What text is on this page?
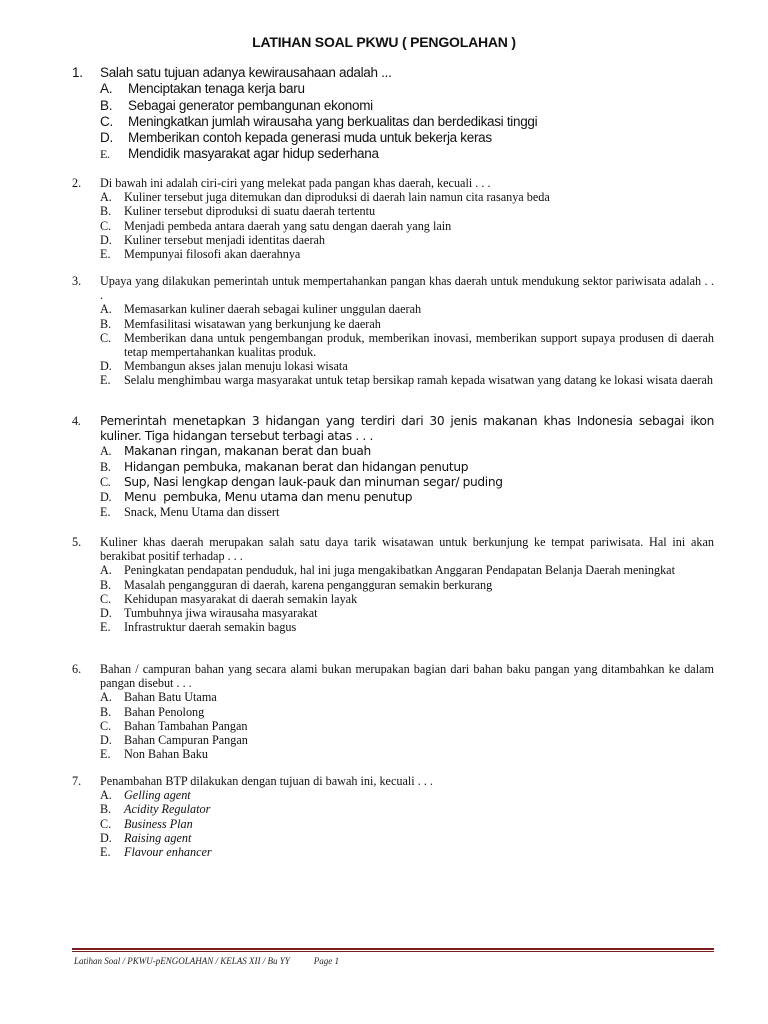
LATIHAN SOAL PKWU ( PENGOLAHAN )
1. Salah satu tujuan adanya kewirausahaan adalah ...
A. Menciptakan tenaga kerja baru
B. Sebagai generator pembangunan ekonomi
C. Meningkatkan jumlah wirausaha yang berkualitas dan berdedikasi tinggi
D. Memberikan contoh kepada generasi muda untuk bekerja keras
E. Mendidik masyarakat agar hidup sederhana
2. Di bawah ini adalah ciri-ciri yang melekat pada pangan khas daerah, kecuali . . .
A. Kuliner tersebut juga ditemukan dan diproduksi di daerah lain namun cita rasanya beda
B. Kuliner tersebut diproduksi di suatu daerah tertentu
C. Menjadi pembeda antara daerah yang satu dengan daerah yang lain
D. Kuliner tersebut menjadi identitas daerah
E. Mempunyai filosofi akan daerahnya
3. Upaya yang dilakukan pemerintah untuk mempertahankan pangan khas daerah untuk mendukung sektor pariwisata adalah . . .
A. Memasarkan kuliner daerah sebagai kuliner unggulan daerah
B. Memfasilitasi wisatawan yang berkunjung ke daerah
C. Memberikan dana untuk pengembangan produk, memberikan inovasi, memberikan support supaya produsen di daerah tetap mempertahankan kualitas produk.
D. Membangun akses jalan menuju lokasi wisata
E. Selalu menghimbau warga masyarakat untuk tetap bersikap ramah kepada wisatwan yang datang ke lokasi wisata daerah
4. Pemerintah menetapkan 3 hidangan yang terdiri dari 30 jenis makanan khas Indonesia sebagai ikon kuliner. Tiga hidangan tersebut terbagi atas . . .
A. Makanan ringan, makanan berat dan buah
B. Hidangan pembuka, makanan berat dan hidangan penutup
C. Sup, Nasi lengkap dengan lauk-pauk dan minuman segar/ puding
D. Menu  pembuka, Menu utama dan menu penutup
E. Snack, Menu Utama dan dissert
5. Kuliner khas daerah merupakan salah satu daya tarik wisatawan untuk berkunjung ke tempat pariwisata. Hal ini akan berakibat positif terhadap . . .
A. Peningkatan pendapatan penduduk, hal ini juga mengakibatkan Anggaran Pendapatan Belanja Daerah meningkat
B. Masalah pengangguran di daerah, karena pengangguran semakin berkurang
C. Kehidupan masyarakat di daerah semakin layak
D. Tumbuhnya jiwa wirausaha masyarakat
E. Infrastruktur daerah semakin bagus
6. Bahan / campuran bahan yang secara alami bukan merupakan bagian dari bahan baku pangan yang ditambahkan ke dalam pangan disebut . . .
A. Bahan Batu Utama
B. Bahan Penolong
C. Bahan Tambahan Pangan
D. Bahan Campuran Pangan
E. Non Bahan Baku
7. Penambahan BTP dilakukan dengan tujuan di bawah ini, kecuali . . .
A. Gelling agent
B. Acidity Regulator
C. Business Plan
D. Raising agent
E. Flavour enhancer
Latihan Soal / PKWU-pENGOLAHAN / KELAS XII / Bu YY	Page 1
